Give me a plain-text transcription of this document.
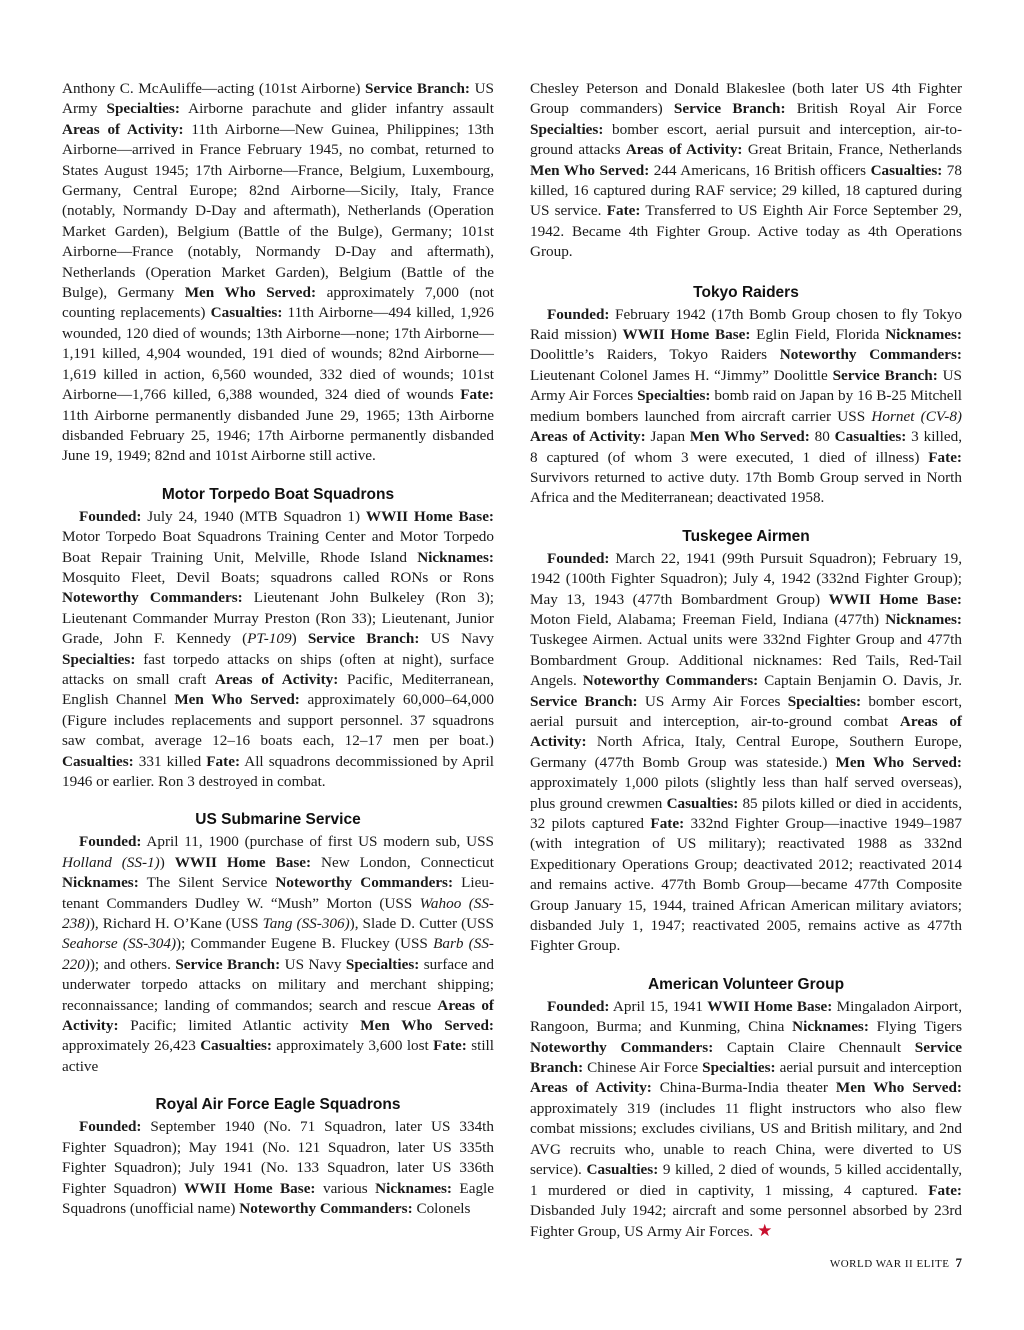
Anthony C. McAuliffe—acting (101st Airborne) Service Branch: US Army Specialties: Airborne parachute and glider infantry assault Areas of Activity: 11th Airborne—New Guinea, Philippines; 13th Airborne—arrived in France February 1945, no combat, returned to States August 1945; 17th Airborne—France, Belgium, Luxembourg, Germany, Central Europe; 82nd Airborne—Sicily, Italy, France (notably, Normandy D-Day and aftermath), Netherlands (Operation Market Garden), Belgium (Battle of the Bulge), Germany; 101st Airborne—France (notably, Normandy D-Day and aftermath), Netherlands (Operation Market Garden), Belgium (Battle of the Bulge), Germany Men Who Served: approximately 7,000 (not counting replacements) Casualties: 11th Airborne—494 killed, 1,926 wounded, 120 died of wounds; 13th Airborne—none; 17th Airborne—1,191 killed, 4,904 wounded, 191 died of wounds; 82nd Airborne—1,619 killed in action, 6,560 wounded, 332 died of wounds; 101st Airborne—1,766 killed, 6,388 wounded, 324 died of wounds Fate: 11th Airborne permanently disbanded June 29, 1965; 13th Airborne disbanded February 25, 1946; 17th Airborne permanently disbanded June 19, 1949; 82nd and 101st Airborne still active.

Motor Torpedo Boat Squadrons

Founded: July 24, 1940 (MTB Squadron 1) WWII Home Base: Motor Torpedo Boat Squadrons Training Center and Motor Torpedo Boat Repair Training Unit, Melville, Rhode Island Nicknames: Mosquito Fleet, Devil Boats; squadrons called RONs or Rons Noteworthy Commanders: Lieutenant John Bulkeley (Ron 3); Lieutenant Commander Murray Preston (Ron 33); Lieutenant, Junior Grade, John F. Kennedy (PT-109) Service Branch: US Navy Specialties: fast torpedo attacks on ships (often at night), surface attacks on small craft Areas of Activity: Pacific, Mediterranean, English Channel Men Who Served: approximately 60,000–64,000 (Figure includes replacements and support personnel. 37 squadrons saw combat, average 12–16 boats each, 12–17 men per boat.) Casualties: 331 killed Fate: All squadrons decommissioned by April 1946 or earlier. Ron 3 destroyed in combat.

US Submarine Service

Founded: April 11, 1900 (purchase of first US modern sub, USS Holland (SS-1)) WWII Home Base: New London, Connecticut Nicknames: The Silent Service Noteworthy Commanders: Lieutenant Commanders Dudley W. “Mush” Morton (USS Wahoo (SS-238)), Richard H. O’Kane (USS Tang (SS-306)), Slade D. Cutter (USS Seahorse (SS-304)); Commander Eugene B. Fluckey (USS Barb (SS-220)); and others. Service Branch: US Navy Specialties: surface and underwater torpedo attacks on military and merchant shipping; reconnaissance; landing of commandos; search and rescue Areas of Activity: Pacific; limited Atlantic activity Men Who Served: approximately 26,423 Casualties: approximately 3,600 lost Fate: still active

Royal Air Force Eagle Squadrons

Founded: September 1940 (No. 71 Squadron, later US 334th Fighter Squadron); May 1941 (No. 121 Squadron, later US 335th Fighter Squadron); July 1941 (No. 133 Squadron, later US 336th Fighter Squadron) WWII Home Base: various Nicknames: Eagle Squadrons (unofficial name) Noteworthy Commanders: Colonels

Chesley Peterson and Donald Blakeslee (both later US 4th Fighter Group commanders) Service Branch: British Royal Air Force Specialties: bomber escort, aerial pursuit and interception, air-to-ground attacks Areas of Activity: Great Britain, France, Netherlands Men Who Served: 244 Americans, 16 British officers Casualties: 78 killed, 16 captured during RAF service; 29 killed, 18 captured during US service. Fate: Transferred to US Eighth Air Force September 29, 1942. Became 4th Fighter Group. Active today as 4th Operations Group.

Tokyo Raiders

Founded: February 1942 (17th Bomb Group chosen to fly Tokyo Raid mission) WWII Home Base: Eglin Field, Florida Nicknames: Doolittle’s Raiders, Tokyo Raiders Noteworthy Commanders: Lieutenant Colonel James H. “Jimmy” Doolittle Service Branch: US Army Air Forces Specialties: bomb raid on Japan by 16 B-25 Mitchell medium bombers launched from aircraft carrier USS Hornet (CV-8) Areas of Activity: Japan Men Who Served: 80 Casualties: 3 killed, 8 captured (of whom 3 were executed, 1 died of illness) Fate: Survivors returned to active duty. 17th Bomb Group served in North Africa and the Mediterranean; deactivated 1958.

Tuskegee Airmen

Founded: March 22, 1941 (99th Pursuit Squadron); February 19, 1942 (100th Fighter Squadron); July 4, 1942 (332nd Fighter Group); May 13, 1943 (477th Bombardment Group) WWII Home Base: Moton Field, Alabama; Freeman Field, Indiana (477th) Nicknames: Tuskegee Airmen. Actual units were 332nd Fighter Group and 477th Bombardment Group. Additional nicknames: Red Tails, Red-Tail Angels. Noteworthy Commanders: Captain Benjamin O. Davis, Jr. Service Branch: US Army Air Forces Specialties: bomber escort, aerial pursuit and interception, air-to-ground combat Areas of Activity: North Africa, Italy, Central Europe, Southern Europe, Germany (477th Bomb Group was stateside.) Men Who Served: approximately 1,000 pilots (slightly less than half served overseas), plus ground crewmen Casualties: 85 pilots killed or died in accidents, 32 pilots captured Fate: 332nd Fighter Group—inactive 1949–1987 (with integration of US military); reactivated 1988 as 332nd Expeditionary Operations Group; deactivated 2012; reactivated 2014 and remains active. 477th Bomb Group—became 477th Composite Group January 15, 1944, trained African American military aviators; disbanded July 1, 1947; reactivated 2005, remains active as 477th Fighter Group.

American Volunteer Group

Founded: April 15, 1941 WWII Home Base: Mingaladon Airport, Rangoon, Burma; and Kunming, China Nicknames: Flying Tigers Noteworthy Commanders: Captain Claire Chennault Service Branch: Chinese Air Force Specialties: aerial pursuit and interception Areas of Activity: China-Burma-India theater Men Who Served: approximately 319 (includes 11 flight instructors who also flew combat missions; excludes civilians, US and British military, and 2nd AVG recruits who, unable to reach China, were diverted to US service). Casualties: 9 killed, 2 died of wounds, 5 killed accidentally, 1 murdered or died in captivity, 1 missing, 4 captured. Fate: Disbanded July 1942; aircraft and some personnel absorbed by 23rd Fighter Group, US Army Air Forces. ★

WORLD WAR II ELITE 7
